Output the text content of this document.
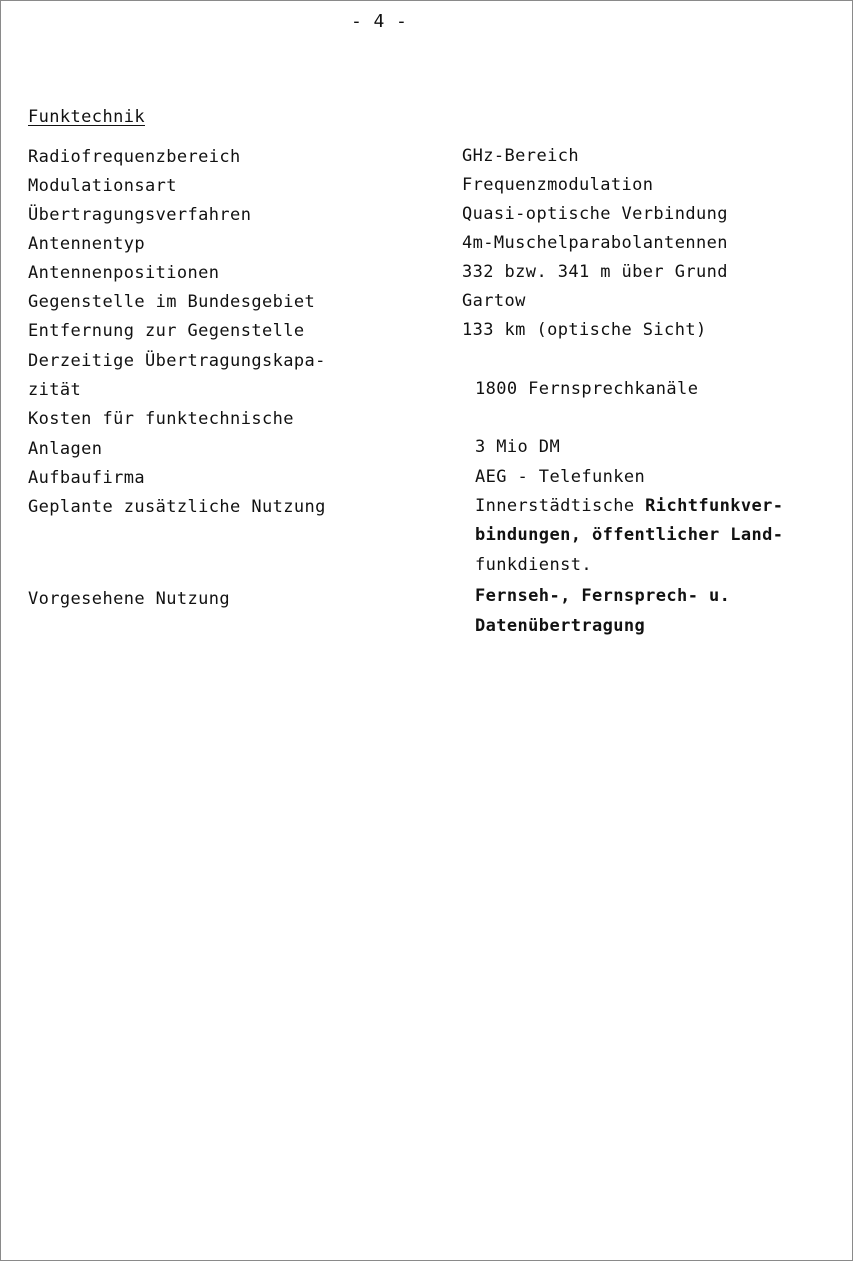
- 4 -
Funktechnik
Radiofrequenzbereich
Modulationsart
Übertragungsverfahren
Antennentyp
Antennenpositionen
Gegenstelle im Bundesgebiet
Entfernung zur Gegenstelle
Derzeitige Übertragungskapa-
zität
Kosten für funktechnische
Anlagen
Aufbaufirma
Geplante zusätzliche Nutzung
Vorgesehene Nutzung
GHz-Bereich
Frequenzmodulation
Quasi-optische Verbindung
4m-Muschelparabolantennen
332 bzw. 341 m über Grund
Gartow
133 km (optische Sicht)
1800 Fernsprechkanäle
3 Mio DM
AEG - Telefunken
Innerstädtische Richtfunkver-
bindungen, öffentlicher Land-
funkdienst.
Fernseh-, Fernsprech- u.
Datenübertragung
